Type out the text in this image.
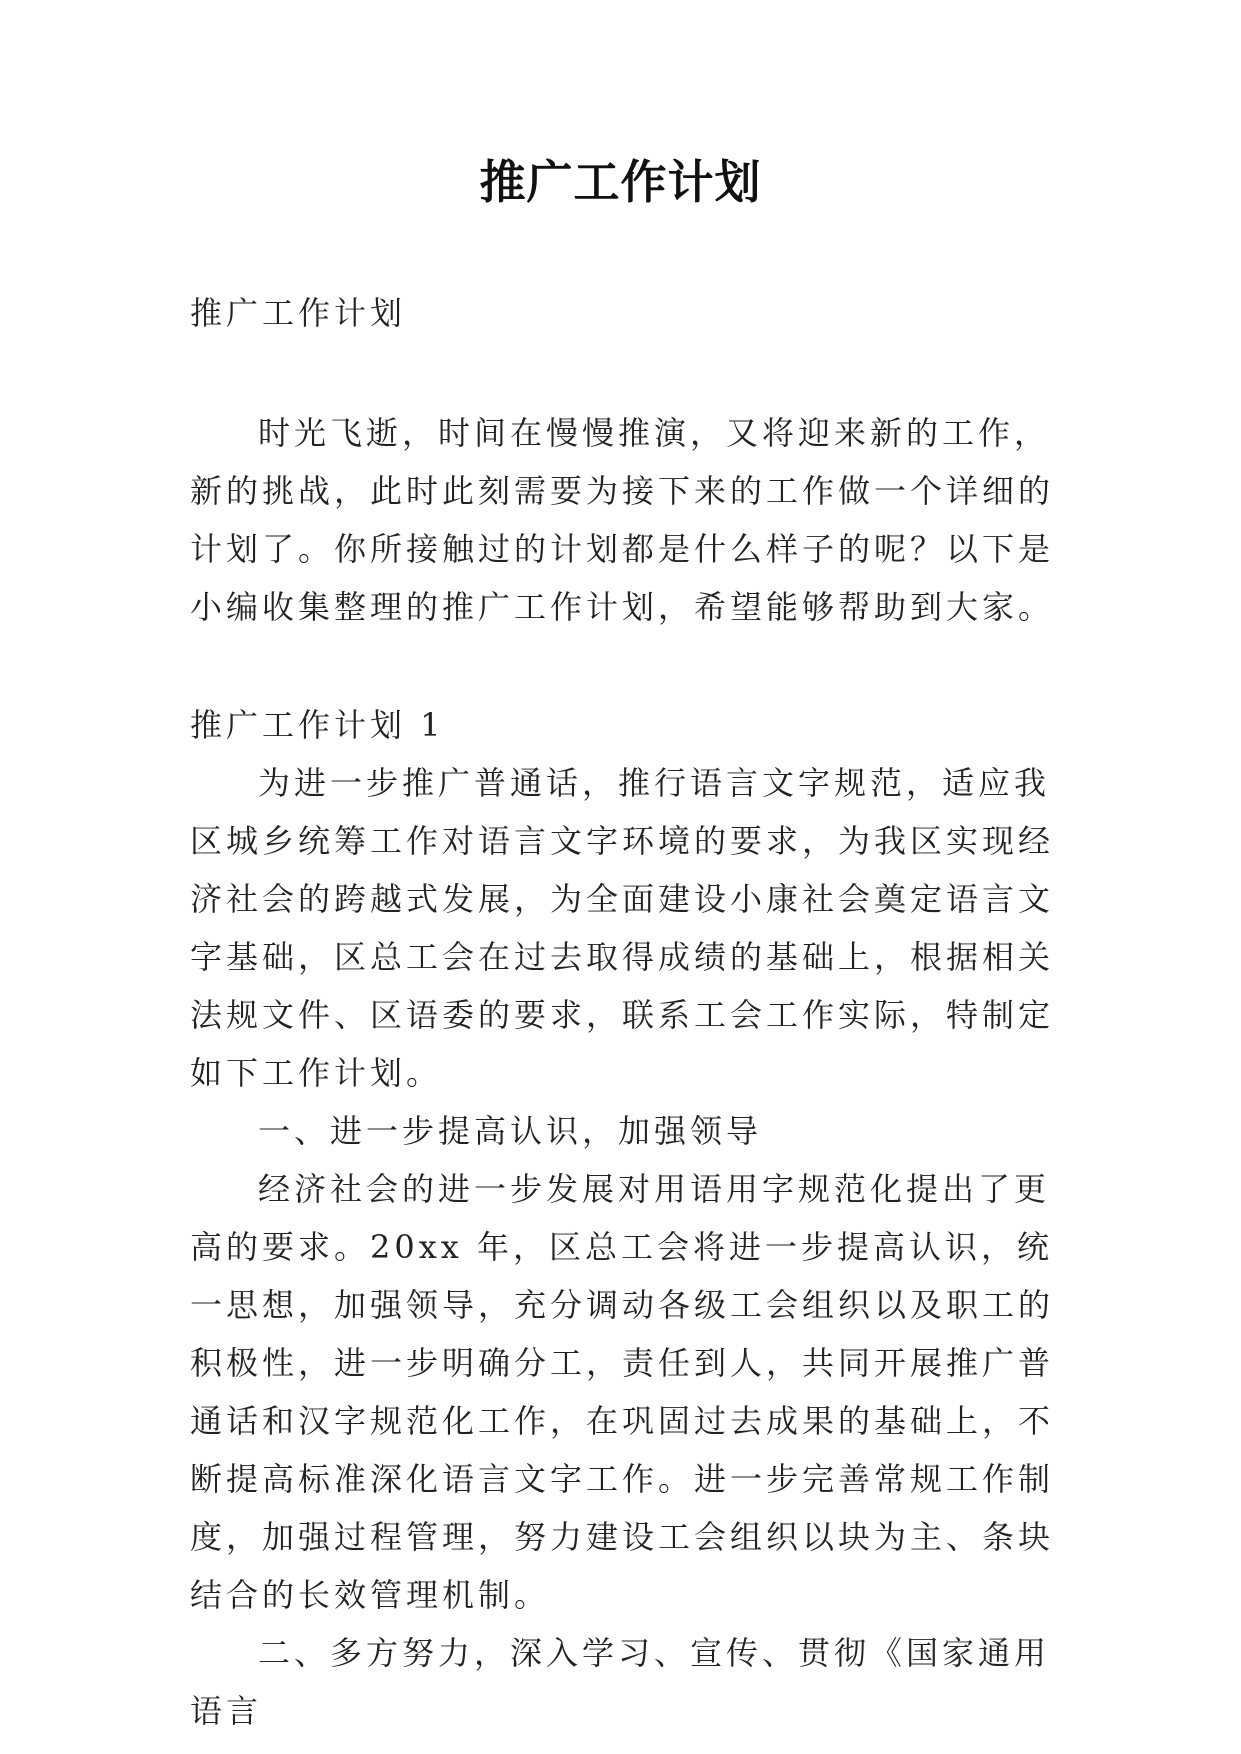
推广工作计划
推广工作计划

时光飞逝，时间在慢慢推演，又将迎来新的工作，新的挑战，此时此刻需要为接下来的工作做一个详细的计划了。你所接触过的计划都是什么样子的呢？以下是小编收集整理的推广工作计划，希望能够帮助到大家。

推广工作计划 1

为进一步推广普通话，推行语言文字规范，适应我区城乡统筹工作对语言文字环境的要求，为我区实现经济社会的跨越式发展，为全面建设小康社会奠定语言文字基础，区总工会在过去取得成绩的基础上，根据相关法规文件、区语委的要求，联系工会工作实际，特制定如下工作计划。

一、进一步提高认识，加强领导

经济社会的进一步发展对用语用字规范化提出了更高的要求。20xx 年，区总工会将进一步提高认识，统一思想，加强领导，充分调动各级工会组织以及职工的积极性，进一步明确分工，责任到人，共同开展推广普通话和汉字规范化工作，在巩固过去成果的基础上，不断提高标准深化语言文字工作。进一步完善常规工作制度，加强过程管理，努力建设工会组织以块为主、条块结合的长效管理机制。

二、多方努力，深入学习、宣传、贯彻《国家通用语言
